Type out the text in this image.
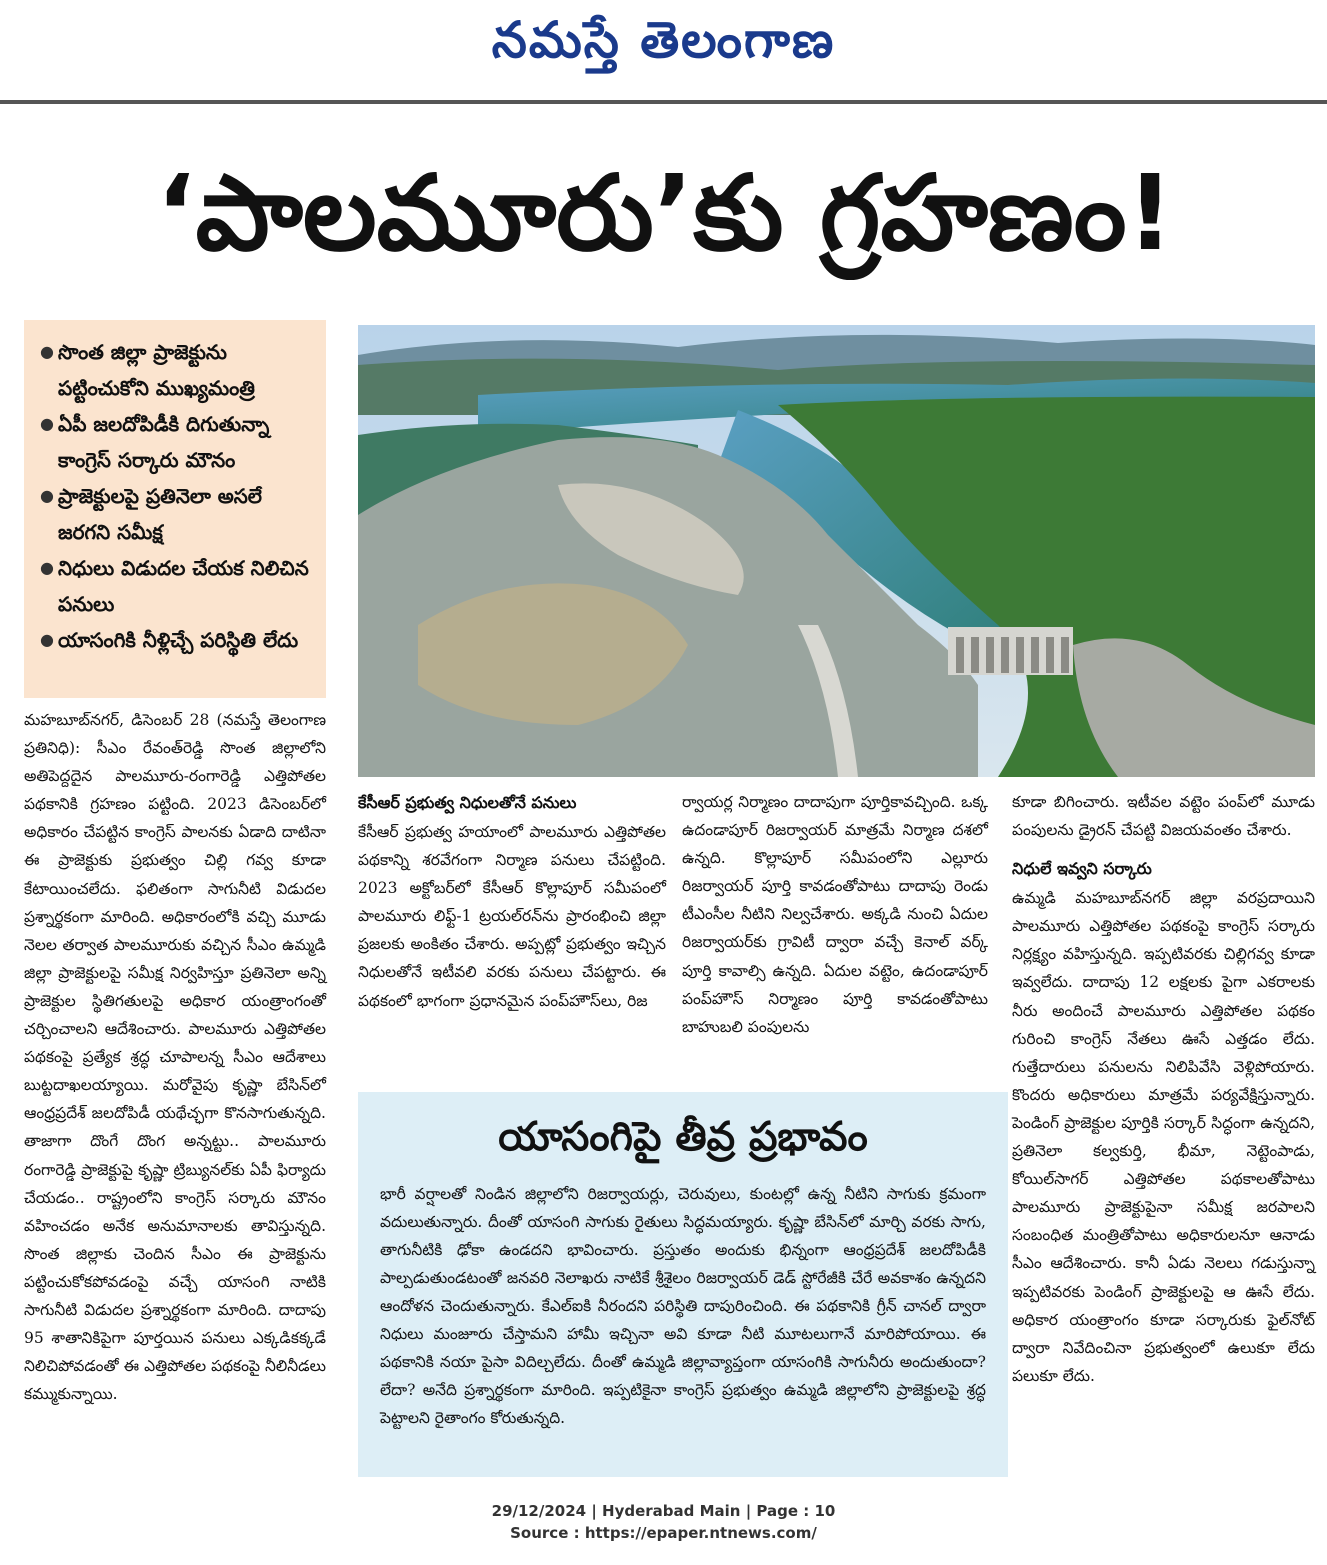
నమస్తే తెలంగాణ
‘పాలమూరు’కు గ్రహణం!
● సొంత జిల్లా ప్రాజెక్టును పట్టించుకోని ముఖ్యమంత్రి
● ఏపీ జలదోపిడీకి దిగుతున్నా కాంగ్రెస్ సర్కారు మౌనం
● ప్రాజెక్టులపై ప్రతినెలా అసలే జరగని సమీక్ష
● నిధులు విడుదల చేయక నిలిచిన పనులు
● యాసంగికి నీళ్లిచ్చే పరిస్థితి లేదు

మహబూబ్‌నగర్, డిసెంబర్ 28 (నమస్తే తెలంగాణ ప్రతినిధి): సీఎం రేవంత్‌రెడ్డి సొంత జిల్లాలోని అతిపెద్దదైన పాలమూరు-రంగారెడ్డి ఎత్తిపోతల పథకానికి గ్రహణం పట్టింది. 2023 డిసెంబర్‌లో అధికారం చేపట్టిన కాంగ్రెస్ పాలనకు ఏడాది దాటినా ఈ ప్రాజెక్టుకు ప్రభుత్వం చిల్లి గవ్వ కూడా కేటాయించలేదు. ఫలితంగా సాగునీటి విడుదల ప్రశ్నార్థకంగా మారింది. అధికారంలోకి వచ్చి మూడు నెలల తర్వాత పాలమూరుకు వచ్చిన సీఎం ఉమ్మడి జిల్లా ప్రాజెక్టులపై సమీక్ష నిర్వహిస్తూ ప్రతినెలా అన్ని ప్రాజెక్టుల స్థితిగతులపై అధికార యంత్రాంగంతో చర్చించాలని ఆదేశించారు. పాలమూరు ఎత్తిపోతల పథకంపై ప్రత్యేక శ్రద్ధ చూపాలన్న సీఎం ఆదేశాలు బుట్టదాఖలయ్యాయి. మరోవైపు కృష్ణా బేసిన్‌లో ఆంధ్రప్రదేశ్ జలదోపిడీ యథేచ్ఛగా కొనసాగుతున్నది. తాజాగా దొంగే దొంగ అన్నట్టు.. పాలమూరు రంగారెడ్డి ప్రాజెక్టుపై కృష్ణా ట్రిబ్యునల్‌కు ఏపీ ఫిర్యాదు చేయడం.. రాష్ట్రంలోని కాంగ్రెస్ సర్కారు మౌనం వహించడం అనేక అనుమానాలకు తావిస్తున్నది. సొంత జిల్లాకు చెందిన సీఎం ఈ ప్రాజెక్టును పట్టించుకోకపోవడంపై వచ్చే యాసంగి నాటికి సాగునీటి విడుదల ప్రశ్నార్థకంగా మారింది. దాదాపు 95 శాతానికిపైగా పూర్తయిన పనులు ఎక్కడికక్కడే నిలిచిపోవడంతో ఈ ఎత్తిపోతల పథకంపై నీలినీడలు కమ్ముకున్నాయి.

కేసీఆర్ ప్రభుత్వ నిధులతోనే పనులు

కేసీఆర్ ప్రభుత్వ హయాంలో పాలమూరు ఎత్తిపోతల పథకాన్ని శరవేగంగా నిర్మాణ పనులు చేపట్టింది. 2023 అక్టోబర్‌లో కేసీఆర్ కొల్లాపూర్ సమీపంలో పాలమూరు లిఫ్ట్-1 ట్రయల్‌రన్‌ను ప్రారంభించి జిల్లా ప్రజలకు అంకితం చేశారు. అప్పట్లో ప్రభుత్వం ఇచ్చిన నిధులతోనే ఇటీవలి వరకు పనులు చేపట్టారు. ఈ పథకంలో భాగంగా ప్రధానమైన పంప్‌హౌస్‌లు, రిజ

ర్వాయర్ల నిర్మాణం దాదాపుగా పూర్తికావచ్చింది. ఒక్క ఉదండాపూర్ రిజర్వాయర్ మాత్రమే నిర్మాణ దశలో ఉన్నది. కొల్లాపూర్ సమీపంలోని ఎల్లూరు రిజర్వాయర్ పూర్తి కావడంతోపాటు దాదాపు రెండు టీఎంసీల నీటిని నిల్వచేశారు. అక్కడి నుంచి ఏదుల రిజర్వాయర్‌కు గ్రావిటీ ద్వారా వచ్చే కెనాల్ వర్క్ పూర్తి కావాల్సి ఉన్నది. ఏదుల వట్టెం, ఉదండాపూర్ పంప్‌హౌస్ నిర్మాణం పూర్తి కావడంతోపాటు బాహుబలి పంపులను

కూడా బిగించారు. ఇటీవల వట్టెం పంప్‌లో మూడు పంపులను డ్రైరన్ చేపట్టి విజయవంతం చేశారు.

నిధులే ఇవ్వని సర్కారు

ఉమ్మడి మహబూబ్‌నగర్ జిల్లా వరప్రదాయిని పాలమూరు ఎత్తిపోతల పథకంపై కాంగ్రెస్ సర్కారు నిర్లక్ష్యం వహిస్తున్నది. ఇప్పటివరకు చిల్లిగవ్వ కూడా ఇవ్వలేదు. దాదాపు 12 లక్షలకు పైగా ఎకరాలకు నీరు అందించే పాలమూరు ఎత్తిపోతల పథకం గురించి కాంగ్రెస్ నేతలు ఊసే ఎత్తడం లేదు. గుత్తేదారులు పనులను నిలిపివేసి వెళ్లిపోయారు. కొందరు అధికారులు మాత్రమే పర్యవేక్షిస్తున్నారు. పెండింగ్ ప్రాజెక్టుల పూర్తికి సర్కార్ సిద్ధంగా ఉన్నదని, ప్రతినెలా కల్వకుర్తి, భీమా, నెట్టెంపాడు, కోయిల్‌సాగర్ ఎత్తిపోతల పథకాలతోపాటు పాలమూరు ప్రాజెక్టుపైనా సమీక్ష జరపాలని సంబంధిత మంత్రితోపాటు అధికారులనూ ఆనాడు సీఎం ఆదేశించారు. కానీ ఏడు నెలలు గడుస్తున్నా ఇప్పటివరకు పెండింగ్ ప్రాజెక్టులపై ఆ ఊసే లేదు. అధికార యంత్రాంగం కూడా సర్కారుకు ఫైల్‌నోట్ ద్వారా నివేదించినా ప్రభుత్వంలో ఉలుకూ లేదు పలుకూ లేదు.

యాసంగిపై తీవ్ర ప్రభావం

భారీ వర్షాలతో నిండిన జిల్లాలోని రిజర్వాయర్లు, చెరువులు, కుంటల్లో ఉన్న నీటిని సాగుకు క్రమంగా వదులుతున్నారు. దీంతో యాసంగి సాగుకు రైతులు సిద్ధమయ్యారు. కృష్ణా బేసిన్‌లో మార్చి వరకు సాగు, తాగునీటికి ఢోకా ఉండదని భావించారు. ప్రస్తుతం అందుకు భిన్నంగా ఆంధ్రప్రదేశ్ జలదోపిడీకి పాల్పడుతుండటంతో జనవరి నెలాఖరు నాటికే శ్రీశైలం రిజర్వాయర్ డెడ్ స్టోరేజీకి చేరే అవకాశం ఉన్నదని ఆందోళన చెందుతున్నారు. కేఎల్‌ఐకి నీరందని పరిస్థితి దాపురించింది. ఈ పథకానికి గ్రీన్ చానల్ ద్వారా నిధులు మంజూరు చేస్తామని హామీ ఇచ్చినా అవి కూడా నీటి మూటలుగానే మారిపోయాయి. ఈ పథకానికి నయా పైసా విదిల్చలేదు. దీంతో ఉమ్మడి జిల్లావ్యాప్తంగా యాసంగికి సాగునీరు అందుతుందా? లేదా? అనేది ప్రశ్నార్థకంగా మారింది. ఇప్పటికైనా కాంగ్రెస్ ప్రభుత్వం ఉమ్మడి జిల్లాలోని ప్రాజెక్టులపై శ్రద్ధ పెట్టాలని రైతాంగం కోరుతున్నది.

29/12/2024 | Hyderabad Main | Page : 10
Source : https://epaper.ntnews.com/
